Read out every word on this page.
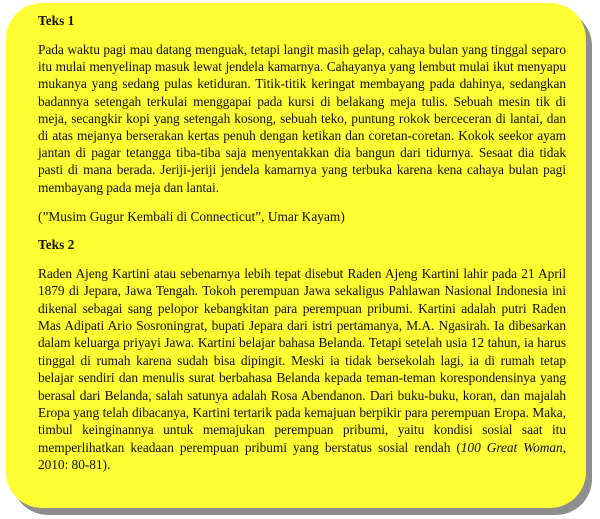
Teks 1

Pada waktu pagi mau datang menguak, tetapi langit masih gelap, cahaya bulan yang tinggal separo itu mulai menyelinap masuk lewat jendela kamarnya. Cahayanya yang lembut mulai ikut menyapu mukanya yang sedang pulas ketiduran. Titik-titik keringat membayang pada dahinya, sedangkan badannya setengah terkulai menggapai pada kursi di belakang meja tulis. Sebuah mesin tik di meja, secangkir kopi yang setengah kosong, sebuah teko, puntung rokok berceceran di lantai, dan di atas mejanya berserakan kertas penuh dengan ketikan dan coretan-coretan. Kokok seekor ayam jantan di pagar tetangga tiba-tiba saja menyentakkan dia bangun dari tidurnya. Sesaat dia tidak pasti di mana berada. Jeriji-jeriji jendela kamarnya yang terbuka karena kena cahaya bulan pagi membayang pada meja dan lantai.

(”Musim Gugur Kembali di Connecticut”, Umar Kayam)
Teks 2

Raden Ajeng Kartini atau sebenarnya lebih tepat disebut Raden Ajeng Kartini lahir pada 21 April 1879 di Jepara, Jawa Tengah. Tokoh perempuan Jawa sekaligus Pahlawan Nasional Indonesia ini dikenal sebagai sang pelopor kebangkitan para perempuan pribumi. Kartini adalah putri Raden Mas Adipati Ario Sosroningrat, bupati Jepara dari istri pertamanya, M.A. Ngasirah. Ia dibesarkan dalam keluarga priyayi Jawa. Kartini belajar bahasa Belanda. Tetapi setelah usia 12 tahun, ia harus tinggal di rumah karena sudah bisa dipingit. Meski ia tidak bersekolah lagi, ia di rumah tetap belajar sendiri dan menulis surat berbahasa Belanda kepada teman-teman korespondensinya yang berasal dari Belanda, salah satunya adalah Rosa Abendanon. Dari buku-buku, koran, dan majalah Eropa yang telah dibacanya, Kartini tertarik pada kemajuan berpikir para perempuan Eropa. Maka, timbul keinginannya untuk memajukan perempuan pribumi, yaitu kondisi sosial saat itu memperlihatkan keadaan perempuan pribumi yang berstatus sosial rendah (100 Great Woman, 2010: 80-81).
